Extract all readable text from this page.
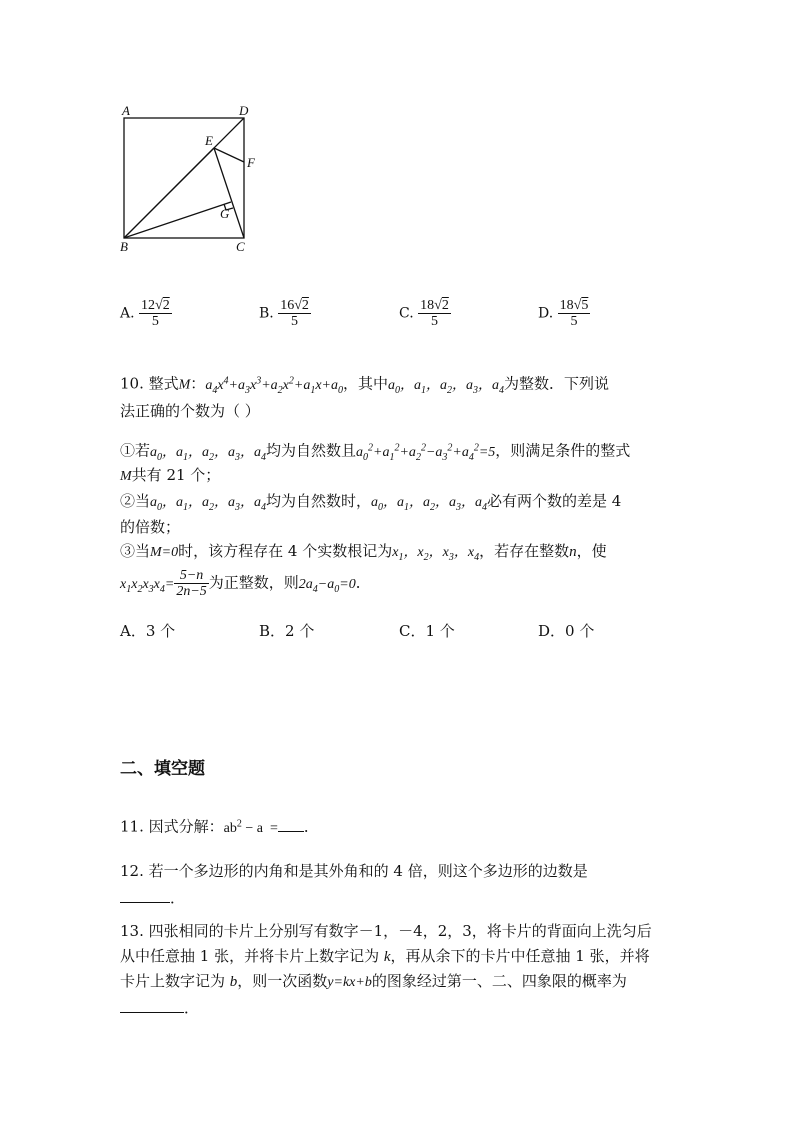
A	D
E
F
G
B	C
A. $\frac{12√2}{5}$	B. $\frac{16√2}{5}$	C. $\frac{18√2}{5}$	D. $\frac{18√5}{5}$
10. 整式M：$a_4x^4+a_3x^3+a_2x^2+a_1x+a_0$，其中$a_0$，$a_1$，$a_2$，$a_3$，$a_4$为整数．下列说
法正确的个数为（ ）
①若$a_0$，$a_1$，$a_2$，$a_3$，$a_4$均为自然数且$a_0^2+a_1^2+a_2^2-a_3^2+a_4^2=5$，则满足条件的整式
M共有 21 个；
②当$a_0$，$a_1$，$a_2$，$a_3$，$a_4$均为自然数时，$a_0$，$a_1$，$a_2$，$a_3$，$a_4$必有两个数的差是 4
的倍数；
③当M=0时，该方程存在 4 个实数根记为$x_1$，$x_2$，$x_3$，$x_4$，若存在整数n，使
$x_1x_2x_3x_4= \frac{5-n}{2n-5}$ 为正整数，则$2a_4-a_0=0$．
A．3 个	B．2 个	C．1 个	D．0 个
二、填空题
11. 因式分解：$ab^2 - a$  = ．
12. 若一个多边形的内角和是其外角和的 4 倍，则这个多边形的边数是
．
13. 四张相同的卡片上分别写有数字－1，－4，2，3，将卡片的背面向上洗匀后
从中任意抽 1 张，并将卡片上数字记为 k，再从余下的卡片中任意抽 1 张，并将
卡片上数字记为 b，则一次函数y=kx+b的图象经过第一、二、四象限的概率为
．
